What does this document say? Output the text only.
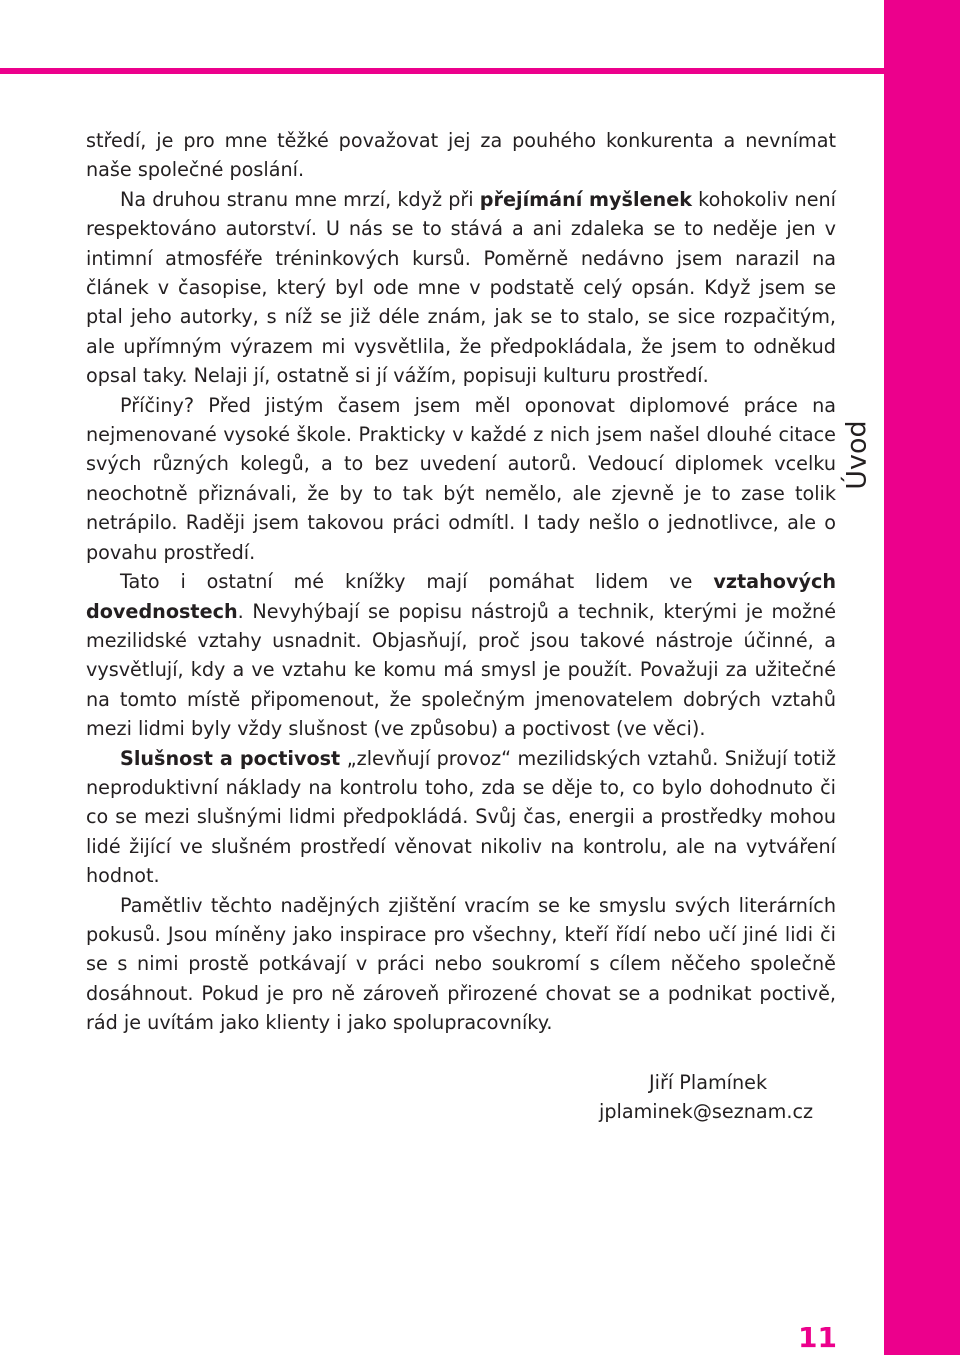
Úvod

středí, je pro mne těžké považovat jej za pouhého konkurenta a nevnímat naše společné poslání.

Na druhou stranu mne mrzí, když při přejímání myšlenek kohokoliv není respektováno autorství. U nás se to stává a ani zdaleka se to neděje jen v intimní atmosféře tréninkových kursů. Poměrně nedávno jsem narazil na článek v časopise, který byl ode mne v podstatě celý opsán. Když jsem se ptal jeho autorky, s níž se již déle znám, jak se to stalo, se sice rozpačitým, ale upřímným výrazem mi vysvětlila, že předpokládala, že jsem to odněkud opsal taky. Nelaji jí, ostatně si jí vážím, popisuji kulturu prostředí.

Příčiny? Před jistým časem jsem měl oponovat diplomové práce na nejmenované vysoké škole. Prakticky v každé z nich jsem našel dlouhé citace svých různých kolegů, a to bez uvedení autorů. Vedoucí diplomek vcelku neochotně přiznávali, že by to tak být nemělo, ale zjevně je to zase tolik netrápilo. Raději jsem takovou práci odmítl. I tady nešlo o jednotlivce, ale o povahu prostředí.

Tato i ostatní mé knížky mají pomáhat lidem ve vztahových dovednostech. Nevyhýbají se popisu nástrojů a technik, kterými je možné mezilidské vztahy usnadnit. Objasňují, proč jsou takové nástroje účinné, a vysvětlují, kdy a ve vztahu ke komu má smysl je použít. Považuji za užitečné na tomto místě připomenout, že společným jmenovatelem dobrých vztahů mezi lidmi byly vždy slušnost (ve způsobu) a poctivost (ve věci).

Slušnost a poctivost „zlevňují provoz“ mezilidských vztahů. Snižují totiž neproduktivní náklady na kontrolu toho, zda se děje to, co bylo dohodnuto či co se mezi slušnými lidmi předpokládá. Svůj čas, energii a prostředky mohou lidé žijící ve slušném prostředí věnovat nikoliv na kontrolu, ale na vytváření hodnot.

Pamětliv těchto nadějných zjištění vracím se ke smyslu svých literárních pokusů. Jsou míněny jako inspirace pro všechny, kteří řídí nebo učí jiné lidi či se s nimi prostě potkávají v práci nebo soukromí s cílem něčeho společně dosáhnout. Pokud je pro ně zároveň přirozené chovat se a podnikat poctivě, rád je uvítám jako klienty i jako spolupracovníky.

Jiří Plamínek
jplaminek@seznam.cz
11
